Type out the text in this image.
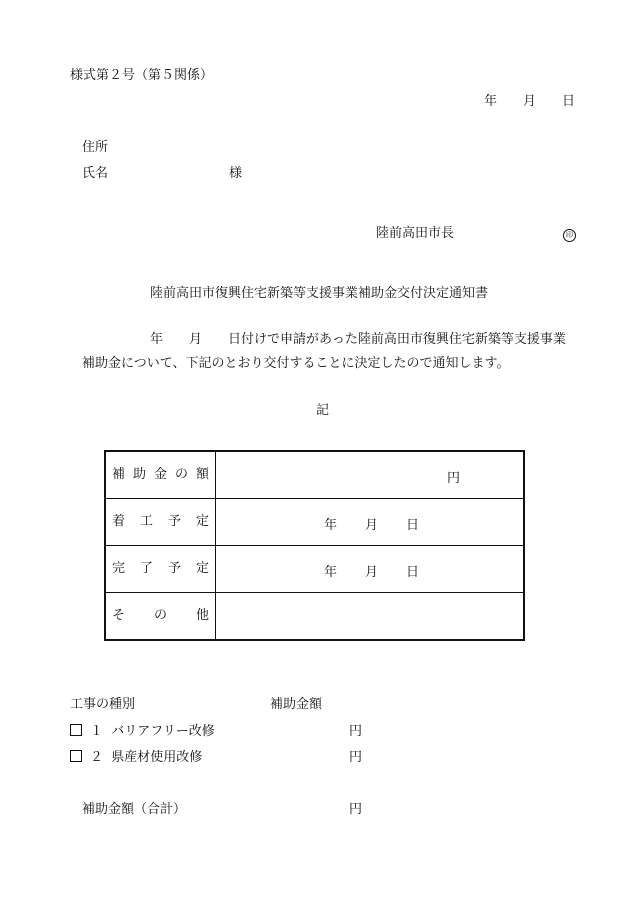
様式第２号（第５関係）
年 月 日
住所
氏名	様
陸前高田市長	印
陸前高田市復興住宅新築等支援事業補助金交付決定通知書
年 月 日付けで申請があった陸前高田市復興住宅新築等支援事業
補助金について、下記のとおり交付することに決定したので通知します。
記
補 助 金 の 額	円

着 工 予 定	年 月 日

完 了 予 定	年 月 日

そ の 他	

工事の種別	補助金額
１ バリアフリー改修	円
２ 県産材使用改修	円
補助金額（合計）	円
